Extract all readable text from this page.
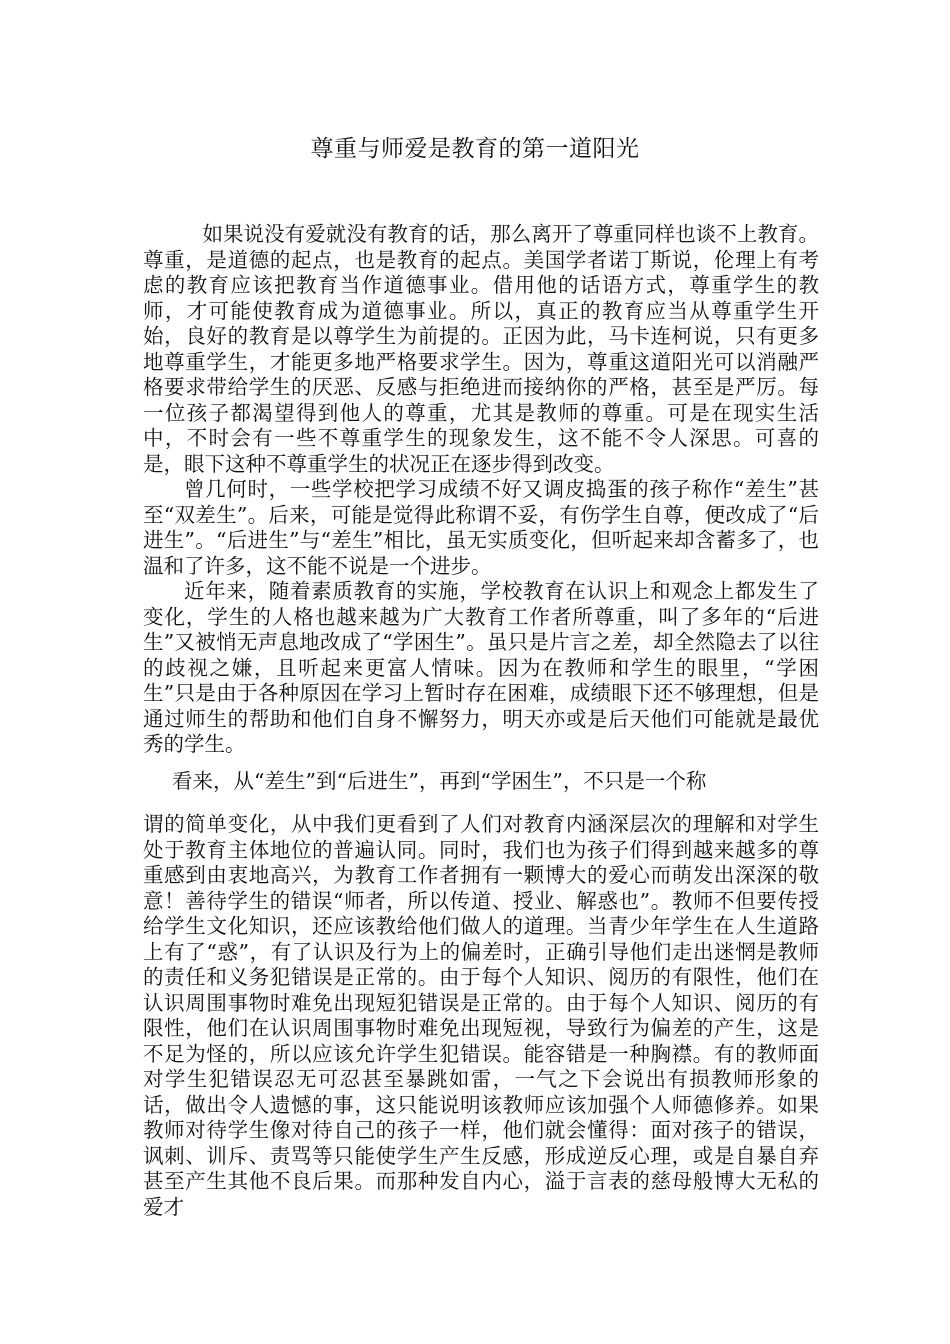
尊重与师爱是教育的第一道阳光

如果说没有爱就没有教育的话，那么离开了尊重同样也谈不上教育。尊重，是道德的起点，也是教育的起点。美国学者诺丁斯说，伦理上有考虑的教育应该把教育当作道德事业。借用他的话语方式，尊重学生的教师，才可能使教育成为道德事业。所以，真正的教育应当从尊重学生开始，良好的教育是以尊学生为前提的。正因为此，马卡连柯说，只有更多地尊重学生，才能更多地严格要求学生。因为，尊重这道阳光可以消融严格要求带给学生的厌恶、反感与拒绝进而接纳你的严格，甚至是严厉。每一位孩子都渴望得到他人的尊重，尤其是教师的尊重。可是在现实生活中，不时会有一些不尊重学生的现象发生，这不能不令人深思。可喜的是，眼下这种不尊重学生的状况正在逐步得到改变。

曾几何时，一些学校把学习成绩不好又调皮捣蛋的孩子称作“差生”甚至“双差生”。后来，可能是觉得此称谓不妥，有伤学生自尊，便改成了“后进生”。“后进生”与“差生”相比，虽无实质变化，但听起来却含蓄多了，也温和了许多，这不能不说是一个进步。

近年来，随着素质教育的实施，学校教育在认识上和观念上都发生了变化，学生的人格也越来越为广大教育工作者所尊重，叫了多年的“后进生”又被悄无声息地改成了“学困生”。虽只是片言之差，却全然隐去了以往的歧视之嫌，且听起来更富人情味。因为在教师和学生的眼里，“学困生”只是由于各种原因在学习上暂时存在困难，成绩眼下还不够理想，但是通过师生的帮助和他们自身不懈努力，明天亦或是后天他们可能就是最优秀的学生。

看来，从“差生”到“后进生”，再到“学困生”，不只是一个称

谓的简单变化，从中我们更看到了人们对教育内涵深层次的理解和对学生处于教育主体地位的普遍认同。同时，我们也为孩子们得到越来越多的尊重感到由衷地高兴，为教育工作者拥有一颗博大的爱心而萌发出深深的敬意！善待学生的错误“师者，所以传道、授业、解惑也”。教师不但要传授给学生文化知识，还应该教给他们做人的道理。当青少年学生在人生道路上有了“惑”，有了认识及行为上的偏差时，正确引导他们走出迷惘是教师的责任和义务犯错误是正常的。由于每个人知识、阅历的有限性，他们在认识周围事物时难免出现短犯错误是正常的。由于每个人知识、阅历的有限性，他们在认识周围事物时难免出现短视，导致行为偏差的产生，这是不足为怪的，所以应该允许学生犯错误。能容错是一种胸襟。有的教师面对学生犯错误忍无可忍甚至暴跳如雷，一气之下会说出有损教师形象的话，做出令人遗憾的事，这只能说明该教师应该加强个人师德修养。如果教师对待学生像对待自己的孩子一样，他们就会懂得：面对孩子的错误，讽刺、训斥、责骂等只能使学生产生反感，形成逆反心理，或是自暴自弃甚至产生其他不良后果。而那种发自内心，溢于言表的慈母般博大无私的爱才
